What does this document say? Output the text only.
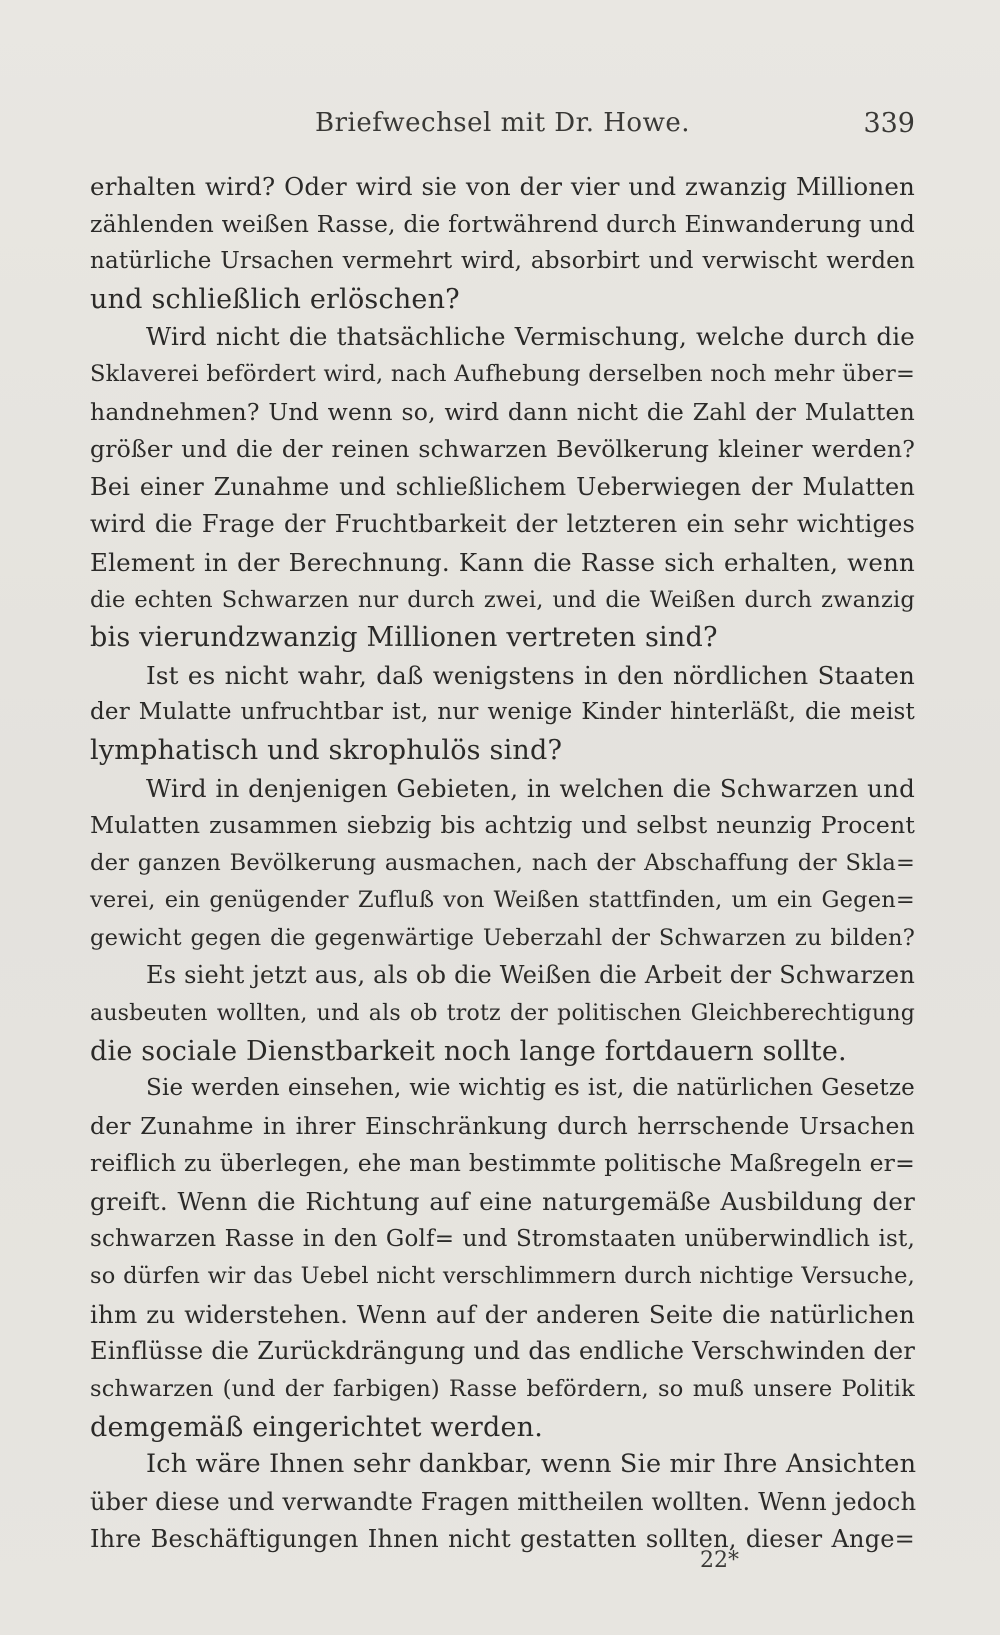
Briefwechsel mit Dr. Howe.	339
erhalten wird? Oder wird sie von der vier und zwanzig Millionen
zählenden weißen Rasse, die fortwährend durch Einwanderung und
natürliche Ursachen vermehrt wird, absorbirt und verwischt werden
und schließlich erlöschen?
Wird nicht die thatsächliche Vermischung, welche durch die
Sklaverei befördert wird, nach Aufhebung derselben noch mehr über=
handnehmen? Und wenn so, wird dann nicht die Zahl der Mulatten
größer und die der reinen schwarzen Bevölkerung kleiner werden?
Bei einer Zunahme und schließlichem Ueberwiegen der Mulatten
wird die Frage der Fruchtbarkeit der letzteren ein sehr wichtiges
Element in der Berechnung. Kann die Rasse sich erhalten, wenn
die echten Schwarzen nur durch zwei, und die Weißen durch zwanzig
bis vierundzwanzig Millionen vertreten sind?
Ist es nicht wahr, daß wenigstens in den nördlichen Staaten
der Mulatte unfruchtbar ist, nur wenige Kinder hinterläßt, die meist
lymphatisch und skrophulös sind?
Wird in denjenigen Gebieten, in welchen die Schwarzen und
Mulatten zusammen siebzig bis achtzig und selbst neunzig Procent
der ganzen Bevölkerung ausmachen, nach der Abschaffung der Skla=
verei, ein genügender Zufluß von Weißen stattfinden, um ein Gegen=
gewicht gegen die gegenwärtige Ueberzahl der Schwarzen zu bilden?
Es sieht jetzt aus, als ob die Weißen die Arbeit der Schwarzen
ausbeuten wollten, und als ob trotz der politischen Gleichberechtigung
die sociale Dienstbarkeit noch lange fortdauern sollte.
Sie werden einsehen, wie wichtig es ist, die natürlichen Gesetze
der Zunahme in ihrer Einschränkung durch herrschende Ursachen
reiflich zu überlegen, ehe man bestimmte politische Maßregeln er=
greift. Wenn die Richtung auf eine naturgemäße Ausbildung der
schwarzen Rasse in den Golf= und Stromstaaten unüberwindlich ist,
so dürfen wir das Uebel nicht verschlimmern durch nichtige Versuche,
ihm zu widerstehen. Wenn auf der anderen Seite die natürlichen
Einflüsse die Zurückdrängung und das endliche Verschwinden der
schwarzen (und der farbigen) Rasse befördern, so muß unsere Politik
demgemäß eingerichtet werden.
Ich wäre Ihnen sehr dankbar, wenn Sie mir Ihre Ansichten
über diese und verwandte Fragen mittheilen wollten. Wenn jedoch
Ihre Beschäftigungen Ihnen nicht gestatten sollten, dieser Ange=
22*
